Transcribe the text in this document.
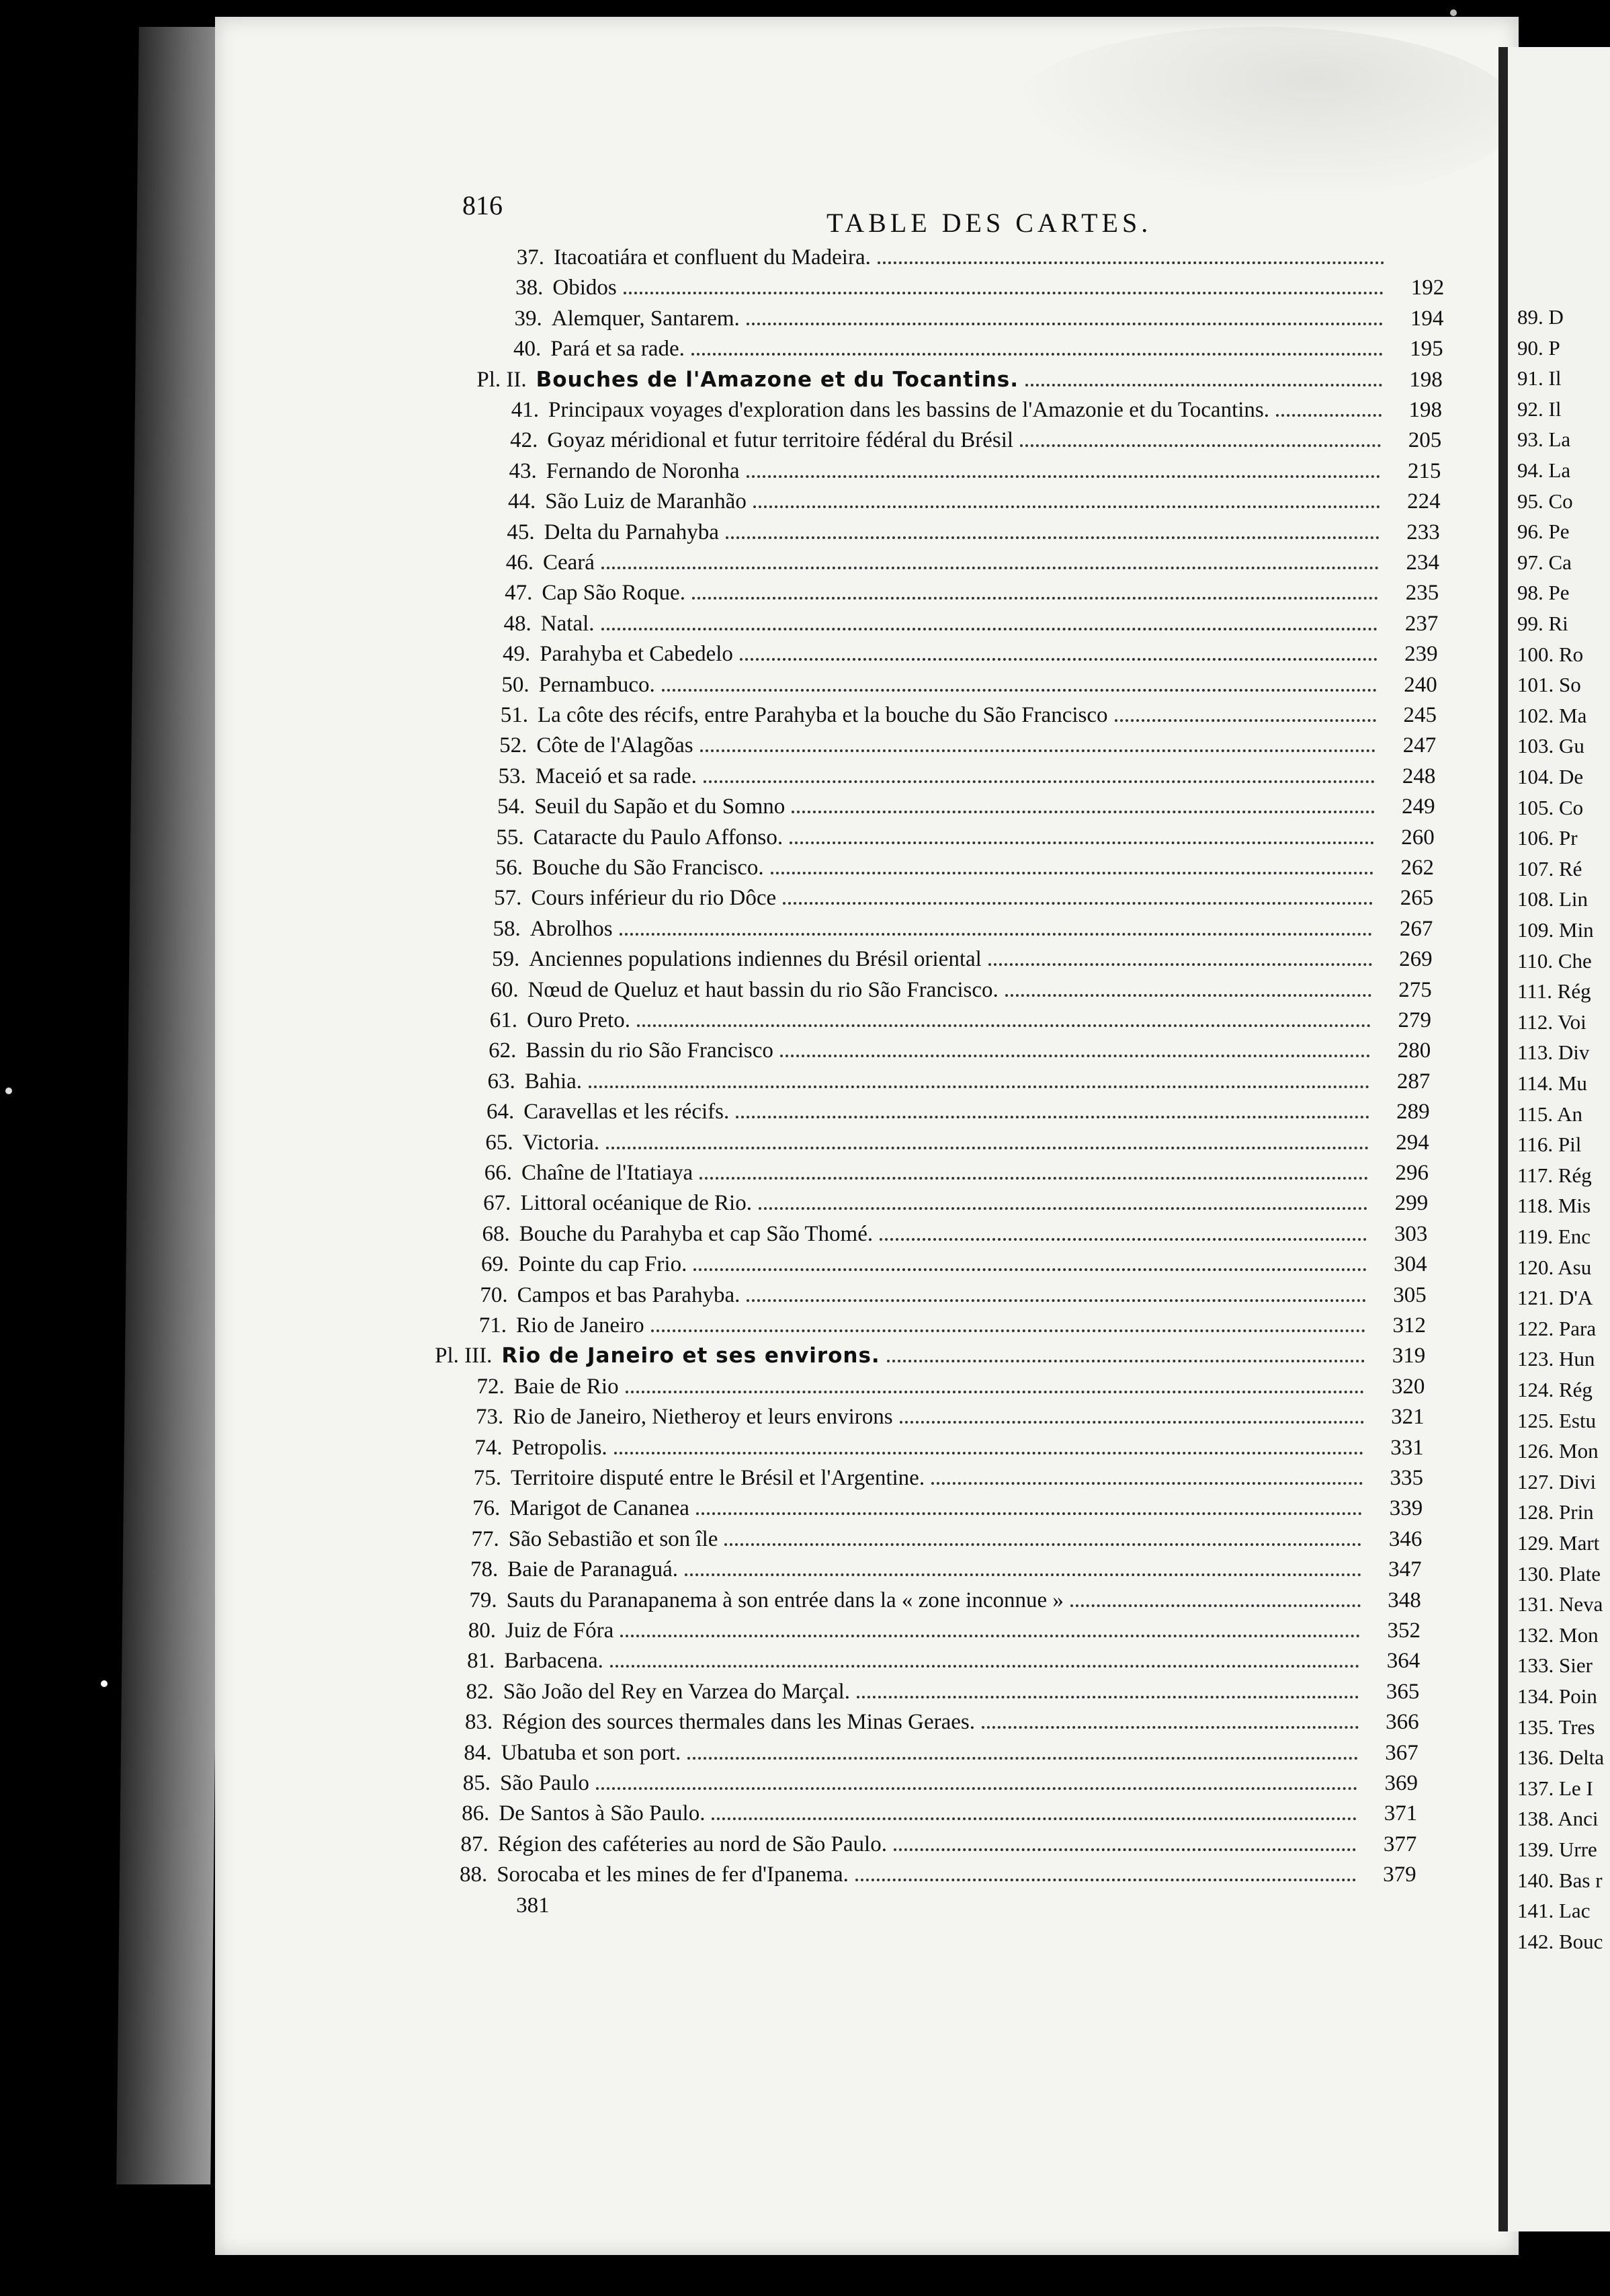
816
TABLE DES CARTES.
37. Itacoatiára et confluent du Madeira.
38. Obidos	192
39. Alemquer, Santarem.	194
40. Pará et sa rade.	195
Pl. II. Bouches de l'Amazone et du Tocantins.	198
41. Principaux voyages d'exploration dans les bassins de l'Amazonie et du Tocantins.	198
42. Goyaz méridional et futur territoire fédéral du Brésil	205
43. Fernando de Noronha	215
44. São Luiz de Maranhão	224
45. Delta du Parnahyba	233
46. Ceará	234
47. Cap São Roque.	235
48. Natal.	237
49. Parahyba et Cabedelo	239
50. Pernambuco.	240
51. La côte des récifs, entre Parahyba et la bouche du São Francisco	245
52. Côte de l'Alagõas	247
53. Maceió et sa rade.	248
54. Seuil du Sapão et du Somno	249
55. Cataracte du Paulo Affonso.	260
56. Bouche du São Francisco.	262
57. Cours inférieur du rio Dôce	265
58. Abrolhos	267
59. Anciennes populations indiennes du Brésil oriental	269
60. Nœud de Queluz et haut bassin du rio São Francisco.	275
61. Ouro Preto.	279
62. Bassin du rio São Francisco	280
63. Bahia.	287
64. Caravellas et les récifs.	289
65. Victoria.	294
66. Chaîne de l'Itatiaya	296
67. Littoral océanique de Rio.	299
68. Bouche du Parahyba et cap São Thomé.	303
69. Pointe du cap Frio.	304
70. Campos et bas Parahyba.	305
71. Rio de Janeiro	312
Pl. III. Rio de Janeiro et ses environs.	319
72. Baie de Rio	320
73. Rio de Janeiro, Nietheroy et leurs environs	321
74. Petropolis.	331
75. Territoire disputé entre le Brésil et l'Argentine.	335
76. Marigot de Cananea	339
77. São Sebastião et son île	346
78. Baie de Paranaguá.	347
79. Sauts du Paranapanema à son entrée dans la « zone inconnue »	348
80. Juiz de Fóra	352
81. Barbacena.	364
82. São João del Rey en Varzea do Marçal.	365
83. Région des sources thermales dans les Minas Geraes.	366
84. Ubatuba et son port.	367
85. São Paulo	369
86. De Santos à São Paulo.	371
87. Région des caféteries au nord de São Paulo.	377
88. Sorocaba et les mines de fer d'Ipanema.	379
381
89. D
90. P
91. Il
92. Il
93. La
94. La
95. Co
96. Pe
97. Ca
98. Pe
99. Ri
100. Ro
101. So
102. Ma
103. Gu
104. De
105. Co
106. Pr
107. Ré
108. Lin
109. Min
110. Che
111. Rég
112. Voi
113. Div
114. Mu
115. An
116. Pil
117. Rég
118. Mis
119. Enc
120. Asu
121. D'A
122. Para
123. Hun
124. Rég
125. Estu
126. Mon
127. Divi
128. Prin
129. Mart
130. Plate
131. Neva
132. Mon
133. Sier
134. Poin
135. Tres
136. Delta
137. Le I
138. Anci
139. Urre
140. Bas r
141. Lac
142. Bouc
